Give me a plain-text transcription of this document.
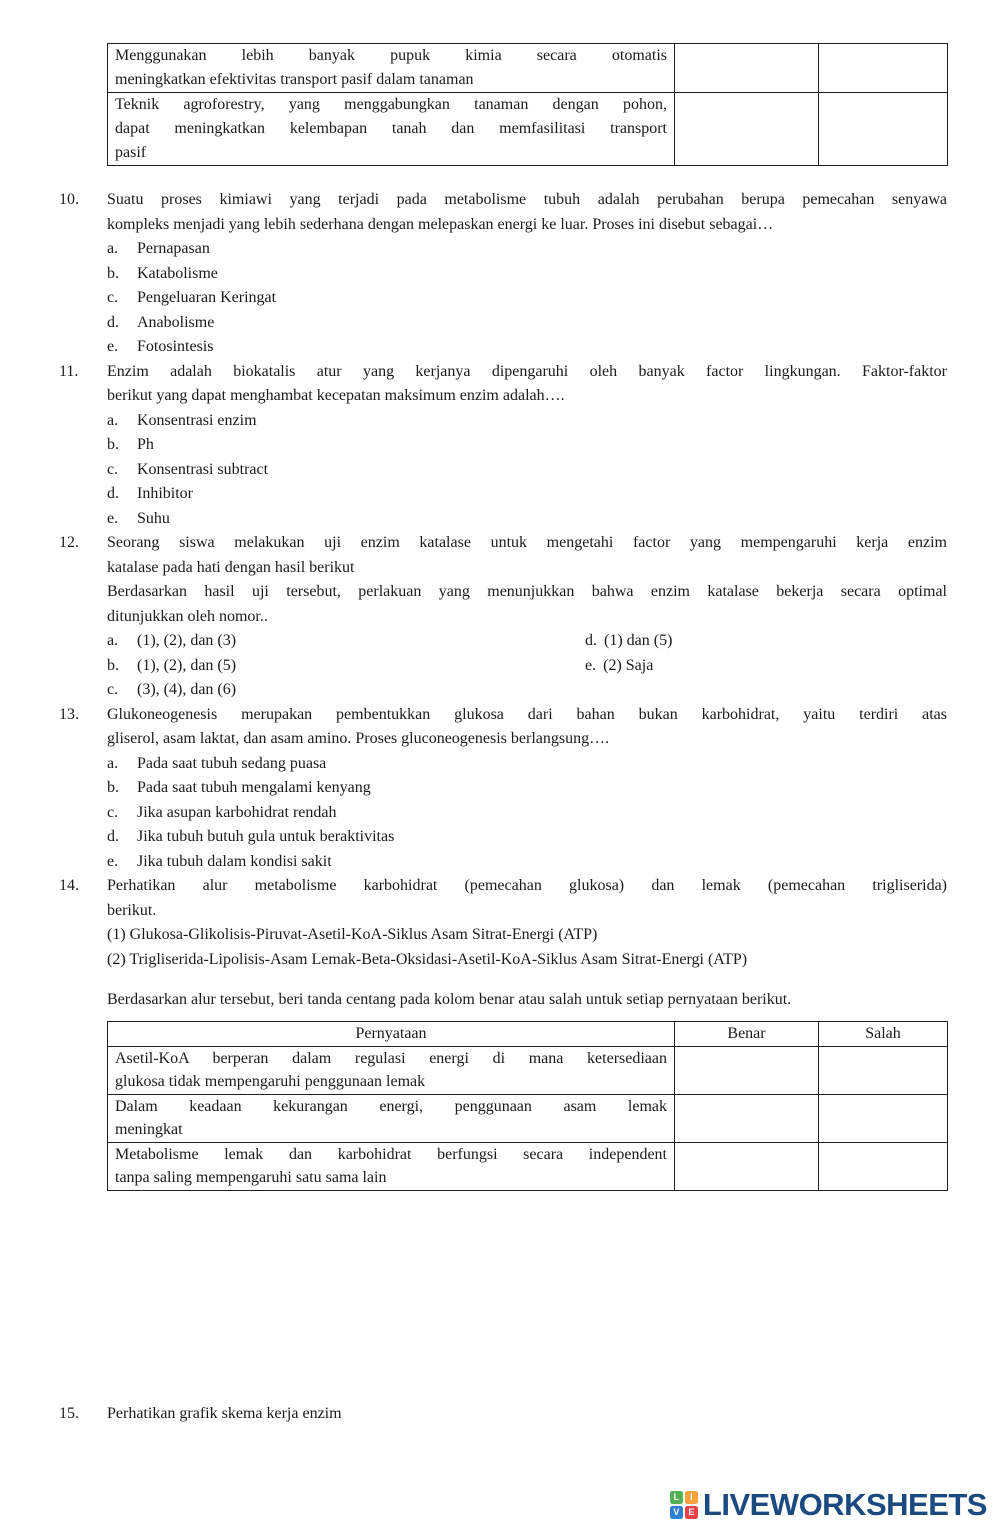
Menggunakan lebih banyak pupuk kimia secara otomatis
meningkatkan efektivitas transport pasif dalam tanaman		

Teknik agroforestry, yang menggabungkan tanaman dengan pohon,
dapat meningkatkan kelembapan tanah dan memfasilitasi transport
pasif		

10.	Suatu proses kimiawi yang terjadi pada metabolisme tubuh adalah perubahan berupa pemecahan senyawa
kompleks menjadi yang lebih sederhana dengan melepaskan energi ke luar. Proses ini disebut sebagai…
a.	Pernapasan
b.	Katabolisme
c.	Pengeluaran Keringat
d.	Anabolisme
e.	Fotosintesis
11.	Enzim adalah biokatalis atur yang kerjanya dipengaruhi oleh banyak factor lingkungan. Faktor-faktor
berikut yang dapat menghambat kecepatan maksimum enzim adalah….
a.	Konsentrasi enzim
b.	Ph
c.	Konsentrasi subtract
d.	Inhibitor
e.	Suhu
12.	Seorang siswa melakukan uji enzim katalase untuk mengetahi factor yang mempengaruhi kerja enzim
katalase pada hati dengan hasil berikut
Berdasarkan hasil uji tersebut, perlakuan yang menunjukkan bahwa enzim katalase bekerja secara optimal
ditunjukkan oleh nomor..
a.	(1), (2), dan (3)	d. (1) dan (5)
b.	(1), (2), dan (5)	e. (2) Saja
c.	(3), (4), dan (6)
13.	Glukoneogenesis merupakan pembentukkan glukosa dari bahan bukan karbohidrat, yaitu terdiri atas
gliserol, asam laktat, dan asam amino. Proses gluconeogenesis berlangsung….
a.	Pada saat tubuh sedang puasa
b.	Pada saat tubuh mengalami kenyang
c.	Jika asupan karbohidrat rendah
d.	Jika tubuh butuh gula untuk beraktivitas
e.	Jika tubuh dalam kondisi sakit
14.	Perhatikan alur metabolisme karbohidrat (pemecahan glukosa) dan lemak (pemecahan trigliserida)
berikut.
(1) Glukosa-Glikolisis-Piruvat-Asetil-KoA-Siklus Asam Sitrat-Energi (ATP)
(2) Trigliserida-Lipolisis-Asam Lemak-Beta-Oksidasi-Asetil-KoA-Siklus Asam Sitrat-Energi (ATP)
Berdasarkan alur tersebut, beri tanda centang pada kolom benar atau salah untuk setiap pernyataan berikut.
Pernyataan	Benar	Salah

Asetil-KoA berperan dalam regulasi energi di mana ketersediaan
glukosa tidak mempengaruhi penggunaan lemak		

Dalam keadaan kekurangan energi, penggunaan asam lemak
meningkat		

Metabolisme lemak dan karbohidrat berfungsi secara independent
tanpa saling mempengaruhi satu sama lain		

15.	Perhatikan grafik skema kerja enzim
L	I
V E LIVEWORKSHEETS
